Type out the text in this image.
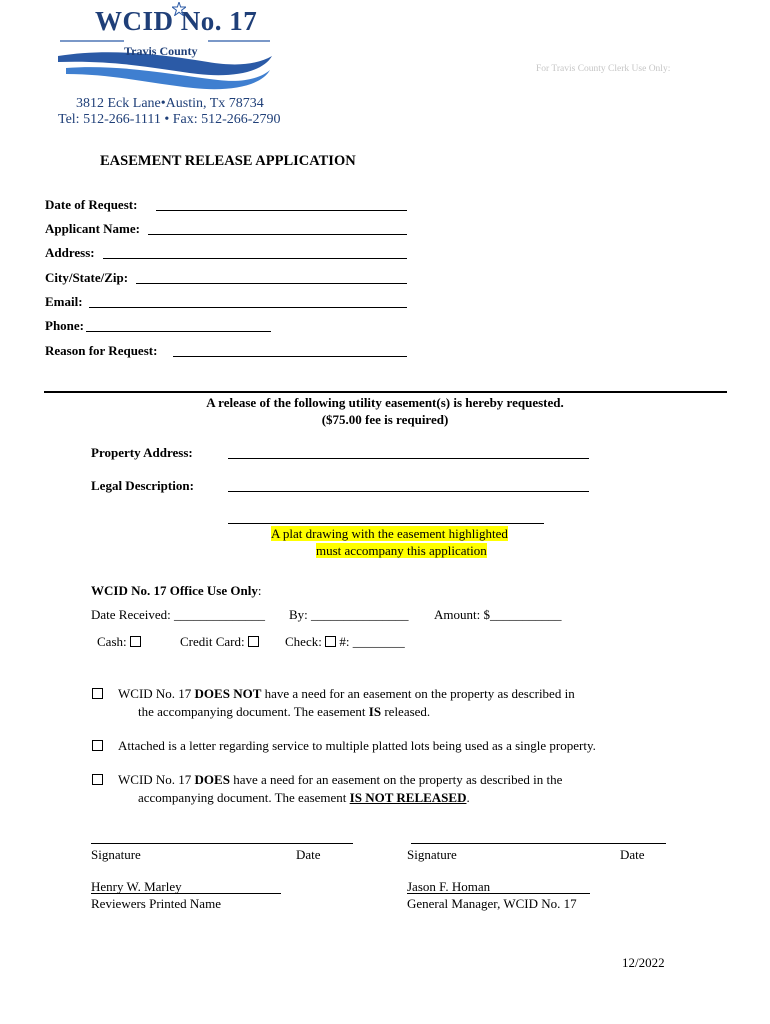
WCID No. 17
Travis County
3812 Eck Lane•Austin, Tx 78734
Tel: 512-266-1111 • Fax: 512-266-2790
For Travis County Clerk Use Only:
EASEMENT RELEASE APPLICATION
Date of Request:
Applicant Name:
Address:
City/State/Zip:
Email:
Phone:
Reason for Request:
A release of the following utility easement(s) is hereby requested.
($75.00 fee is required)
Property Address:
Legal Description:
A plat drawing with the easement highlighted
must accompany this application
WCID No. 17 Office Use Only:
Date Received: ______________ By: _______________ Amount: $___________
Cash:	Credit Card:	Check: #: ________
WCID No. 17 DOES NOT have a need for an easement on the property as described in
the accompanying document. The easement IS released.
Attached is a letter regarding service to multiple platted lots being used as a single property.
WCID No. 17 DOES have a need for an easement on the property as described in the
accompanying document. The easement IS NOT RELEASED.
Signature	Date	Signature	Date
Henry W. Marley
Reviewers Printed Name
Jason F. Homan
General Manager, WCID No. 17
12/2022
